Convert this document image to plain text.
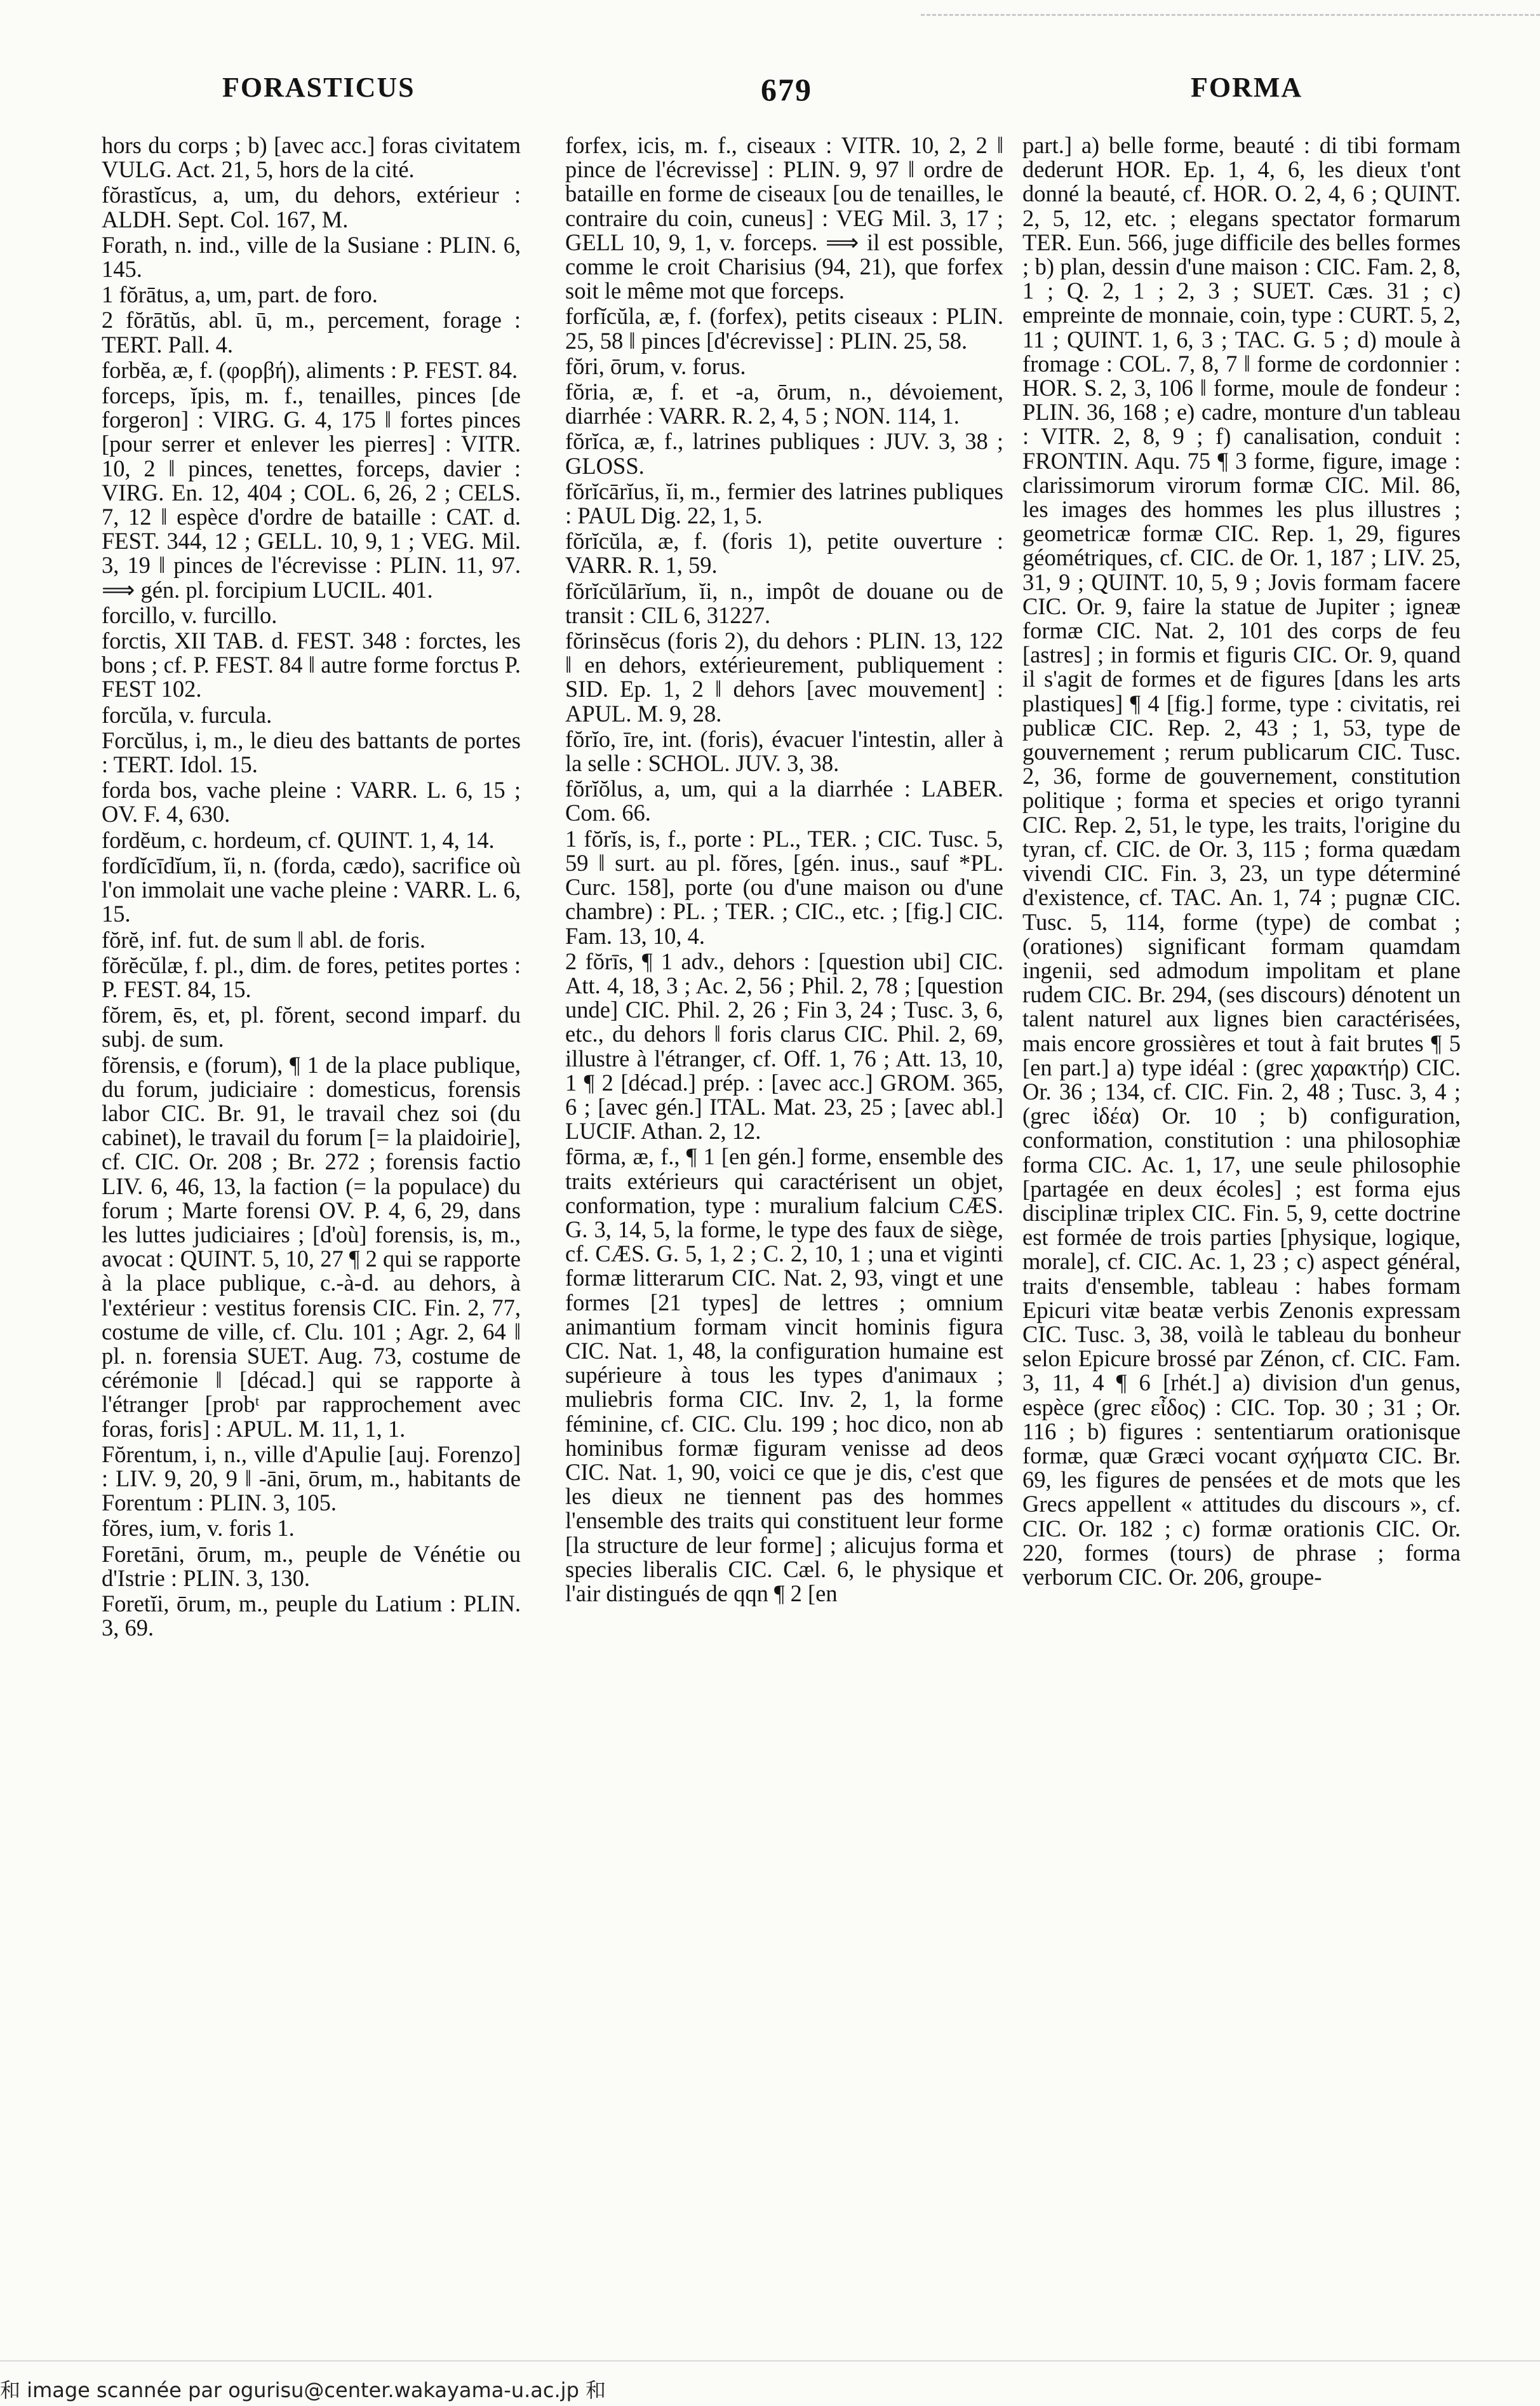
FORASTICUS	679	FORMA
hors du corps ; b) [avec acc.] foras civitatem VULG. Act. 21, 5, hors de la cité.
fŏrastĭcus, a, um, du dehors, extérieur : ALDH. Sept. Col. 167, M.
Forath, n. ind., ville de la Susiane : PLIN. 6, 145.
1 fŏrātus, a, um, part. de foro.
2 fŏrātŭs, abl. ū, m., percement, forage : TERT. Pall. 4.
forbĕa, æ, f. (φορβή), aliments : P. FEST. 84.
forceps, ĭpis, m. f., tenailles, pinces [de forgeron] : VIRG. G. 4, 175 ‖ fortes pinces [pour serrer et enlever les pierres] : VITR. 10, 2 ‖ pinces, tenettes, forceps, davier : VIRG. En. 12, 404 ; COL. 6, 26, 2 ; CELS. 7, 12 ‖ espèce d'ordre de bataille : CAT. d. FEST. 344, 12 ; GELL. 10, 9, 1 ; VEG. Mil. 3, 19 ‖ pinces de l'écrevisse : PLIN. 11, 97. ⟹ gén. pl. forcipium LUCIL. 401.
forcillo, v. furcillo.
forctis, XII TAB. d. FEST. 348 : forctes, les bons ; cf. P. FEST. 84 ‖ autre forme forctus P. FEST 102.
forcŭla, v. furcula.
Forcŭlus, i, m., le dieu des battants de portes : TERT. Idol. 15.
forda bos, vache pleine : VARR. L. 6, 15 ; OV. F. 4, 630.
fordĕum, c. hordeum, cf. QUINT. 1, 4, 14.
fordĭcīdĭum, ĭi, n. (forda, cædo), sacrifice où l'on immolait une vache pleine : VARR. L. 6, 15.
fŏrĕ, inf. fut. de sum ‖ abl. de foris.
fŏrĕcŭlæ, f. pl., dim. de fores, petites portes : P. FEST. 84, 15.
fŏrem, ēs, et, pl. fŏrent, second imparf. du subj. de sum.
fŏrensis, e (forum), ¶ 1 de la place publique, du forum, judiciaire : domesticus, forensis labor CIC. Br. 91, le travail chez soi (du cabinet), le travail du forum [= la plaidoirie], cf. CIC. Or. 208 ; Br. 272 ; forensis factio LIV. 6, 46, 13, la faction (= la populace) du forum ; Marte forensi OV. P. 4, 6, 29, dans les luttes judiciaires ; [d'où] forensis, is, m., avocat : QUINT. 5, 10, 27 ¶ 2 qui se rapporte à la place publique, c.-à-d. au dehors, à l'extérieur : vestitus forensis CIC. Fin. 2, 77, costume de ville, cf. Clu. 101 ; Agr. 2, 64 ‖ pl. n. forensia SUET. Aug. 73, costume de cérémonie ‖ [décad.] qui se rapporte à l'étranger [probᵗ par rapprochement avec foras, foris] : APUL. M. 11, 1, 1.
Fŏrentum, i, n., ville d'Apulie [auj. Forenzo] : LIV. 9, 20, 9 ‖ -āni, ōrum, m., habitants de Forentum : PLIN. 3, 105.
fŏres, ium, v. foris 1.
Foretāni, ōrum, m., peuple de Vénétie ou d'Istrie : PLIN. 3, 130.
Foretĭi, ōrum, m., peuple du Latium : PLIN. 3, 69.
forfex, icis, m. f., ciseaux : VITR. 10, 2, 2 ‖ pince de l'écrevisse] : PLIN. 9, 97 ‖ ordre de bataille en forme de ciseaux [ou de tenailles, le contraire du coin, cuneus] : VEG Mil. 3, 17 ; GELL 10, 9, 1, v. forceps. ⟹ il est possible, comme le croit Charisius (94, 21), que forfex soit le même mot que forceps.
forfĭcŭla, æ, f. (forfex), petits ciseaux : PLIN. 25, 58 ‖ pinces [d'écrevisse] : PLIN. 25, 58.
fŏri, ōrum, v. forus.
fŏria, æ, f. et -a, ōrum, n., dévoiement, diarrhée : VARR. R. 2, 4, 5 ; NON. 114, 1.
fŏrĭca, æ, f., latrines publiques : JUV. 3, 38 ; GLOSS.
fŏrĭcārĭus, ĭi, m., fermier des latrines publiques : PAUL Dig. 22, 1, 5.
fŏrĭcŭla, æ, f. (foris 1), petite ouverture : VARR. R. 1, 59.
fŏrĭcŭlārĭum, ĭi, n., impôt de douane ou de transit : CIL 6, 31227.
fŏrinsĕcus (foris 2), du dehors : PLIN. 13, 122 ‖ en dehors, extérieurement, publiquement : SID. Ep. 1, 2 ‖ dehors [avec mouvement] : APUL. M. 9, 28.
fŏrĭo, īre, int. (foris), évacuer l'intestin, aller à la selle : SCHOL. JUV. 3, 38.
fŏrĭŏlus, a, um, qui a la diarrhée : LABER. Com. 66.
1 fŏrĭs, is, f., porte : PL., TER. ; CIC. Tusc. 5, 59 ‖ surt. au pl. fŏres, [gén. inus., sauf *PL. Curc. 158], porte (ou d'une maison ou d'une chambre) : PL. ; TER. ; CIC., etc. ; [fig.] CIC. Fam. 13, 10, 4.
2 fŏrīs, ¶ 1 adv., dehors : [question ubi] CIC. Att. 4, 18, 3 ; Ac. 2, 56 ; Phil. 2, 78 ; [question unde] CIC. Phil. 2, 26 ; Fin 3, 24 ; Tusc. 3, 6, etc., du dehors ‖ foris clarus CIC. Phil. 2, 69, illustre à l'étranger, cf. Off. 1, 76 ; Att. 13, 10, 1 ¶ 2 [décad.] prép. : [avec acc.] GROM. 365, 6 ; [avec gén.] ITAL. Mat. 23, 25 ; [avec abl.] LUCIF. Athan. 2, 12.
fōrma, æ, f., ¶ 1 [en gén.] forme, ensemble des traits extérieurs qui caractérisent un objet, conformation, type : muralium falcium CÆS. G. 3, 14, 5, la forme, le type des faux de siège, cf. CÆS. G. 5, 1, 2 ; C. 2, 10, 1 ; una et viginti formæ litterarum CIC. Nat. 2, 93, vingt et une formes [21 types] de lettres ; omnium animantium formam vincit hominis figura CIC. Nat. 1, 48, la configuration humaine est supérieure à tous les types d'animaux ; muliebris forma CIC. Inv. 2, 1, la forme féminine, cf. CIC. Clu. 199 ; hoc dico, non ab hominibus formæ figuram venisse ad deos CIC. Nat. 1, 90, voici ce que je dis, c'est que les dieux ne tiennent pas des hommes l'ensemble des traits qui constituent leur forme [la structure de leur forme] ; alicujus forma et species liberalis CIC. Cæl. 6, le physique et l'air distingués de qqn ¶ 2 [en
part.] a) belle forme, beauté : di tibi formam dederunt HOR. Ep. 1, 4, 6, les dieux t'ont donné la beauté, cf. HOR. O. 2, 4, 6 ; QUINT. 2, 5, 12, etc. ; elegans spectator formarum TER. Eun. 566, juge difficile des belles formes ; b) plan, dessin d'une maison : CIC. Fam. 2, 8, 1 ; Q. 2, 1 ; 2, 3 ; SUET. Cæs. 31 ; c) empreinte de monnaie, coin, type : CURT. 5, 2, 11 ; QUINT. 1, 6, 3 ; TAC. G. 5 ; d) moule à fromage : COL. 7, 8, 7 ‖ forme de cordonnier : HOR. S. 2, 3, 106 ‖ forme, moule de fondeur : PLIN. 36, 168 ; e) cadre, monture d'un tableau : VITR. 2, 8, 9 ; f) canalisation, conduit : FRONTIN. Aqu. 75 ¶ 3 forme, figure, image : clarissimorum virorum formæ CIC. Mil. 86, les images des hommes les plus illustres ; geometricæ formæ CIC. Rep. 1, 29, figures géométriques, cf. CIC. de Or. 1, 187 ; LIV. 25, 31, 9 ; QUINT. 10, 5, 9 ; Jovis formam facere CIC. Or. 9, faire la statue de Jupiter ; igneæ formæ CIC. Nat. 2, 101 des corps de feu [astres] ; in formis et figuris CIC. Or. 9, quand il s'agit de formes et de figures [dans les arts plastiques] ¶ 4 [fig.] forme, type : civitatis, rei publicæ CIC. Rep. 2, 43 ; 1, 53, type de gouvernement ; rerum publicarum CIC. Tusc. 2, 36, forme de gouvernement, constitution politique ; forma et species et origo tyranni CIC. Rep. 2, 51, le type, les traits, l'origine du tyran, cf. CIC. de Or. 3, 115 ; forma quædam vivendi CIC. Fin. 3, 23, un type déterminé d'existence, cf. TAC. An. 1, 74 ; pugnæ CIC. Tusc. 5, 114, forme (type) de combat ; (orationes) significant formam quamdam ingenii, sed admodum impolitam et plane rudem CIC. Br. 294, (ses discours) dénotent un talent naturel aux lignes bien caractérisées, mais encore grossières et tout à fait brutes ¶ 5 [en part.] a) type idéal : (grec χαρακτήρ) CIC. Or. 36 ; 134, cf. CIC. Fin. 2, 48 ; Tusc. 3, 4 ; (grec ἰδέα) Or. 10 ; b) configuration, conformation, constitution : una philosophiæ forma CIC. Ac. 1, 17, une seule philosophie [partagée en deux écoles] ; est forma ejus disciplinæ triplex CIC. Fin. 5, 9, cette doctrine est formée de trois parties [physique, logique, morale], cf. CIC. Ac. 1, 23 ; c) aspect général, traits d'ensemble, tableau : habes formam Epicuri vitæ beatæ verbis Zenonis expressam CIC. Tusc. 3, 38, voilà le tableau du bonheur selon Epicure brossé par Zénon, cf. CIC. Fam. 3, 11, 4 ¶ 6 [rhét.] a) division d'un genus, espèce (grec εἶδος) : CIC. Top. 30 ; 31 ; Or. 116 ; b) figures : sententiarum orationisque formæ, quæ Græci vocant σχήματα CIC. Br. 69, les figures de pensées et de mots que les Grecs appellent « attitudes du discours », cf. CIC. Or. 182 ; c) formæ orationis CIC. Or. 220, formes (tours) de phrase ; forma verborum CIC. Or. 206, groupe-
和 image scannée par ogurisu@center.wakayama-u.ac.jp 和
